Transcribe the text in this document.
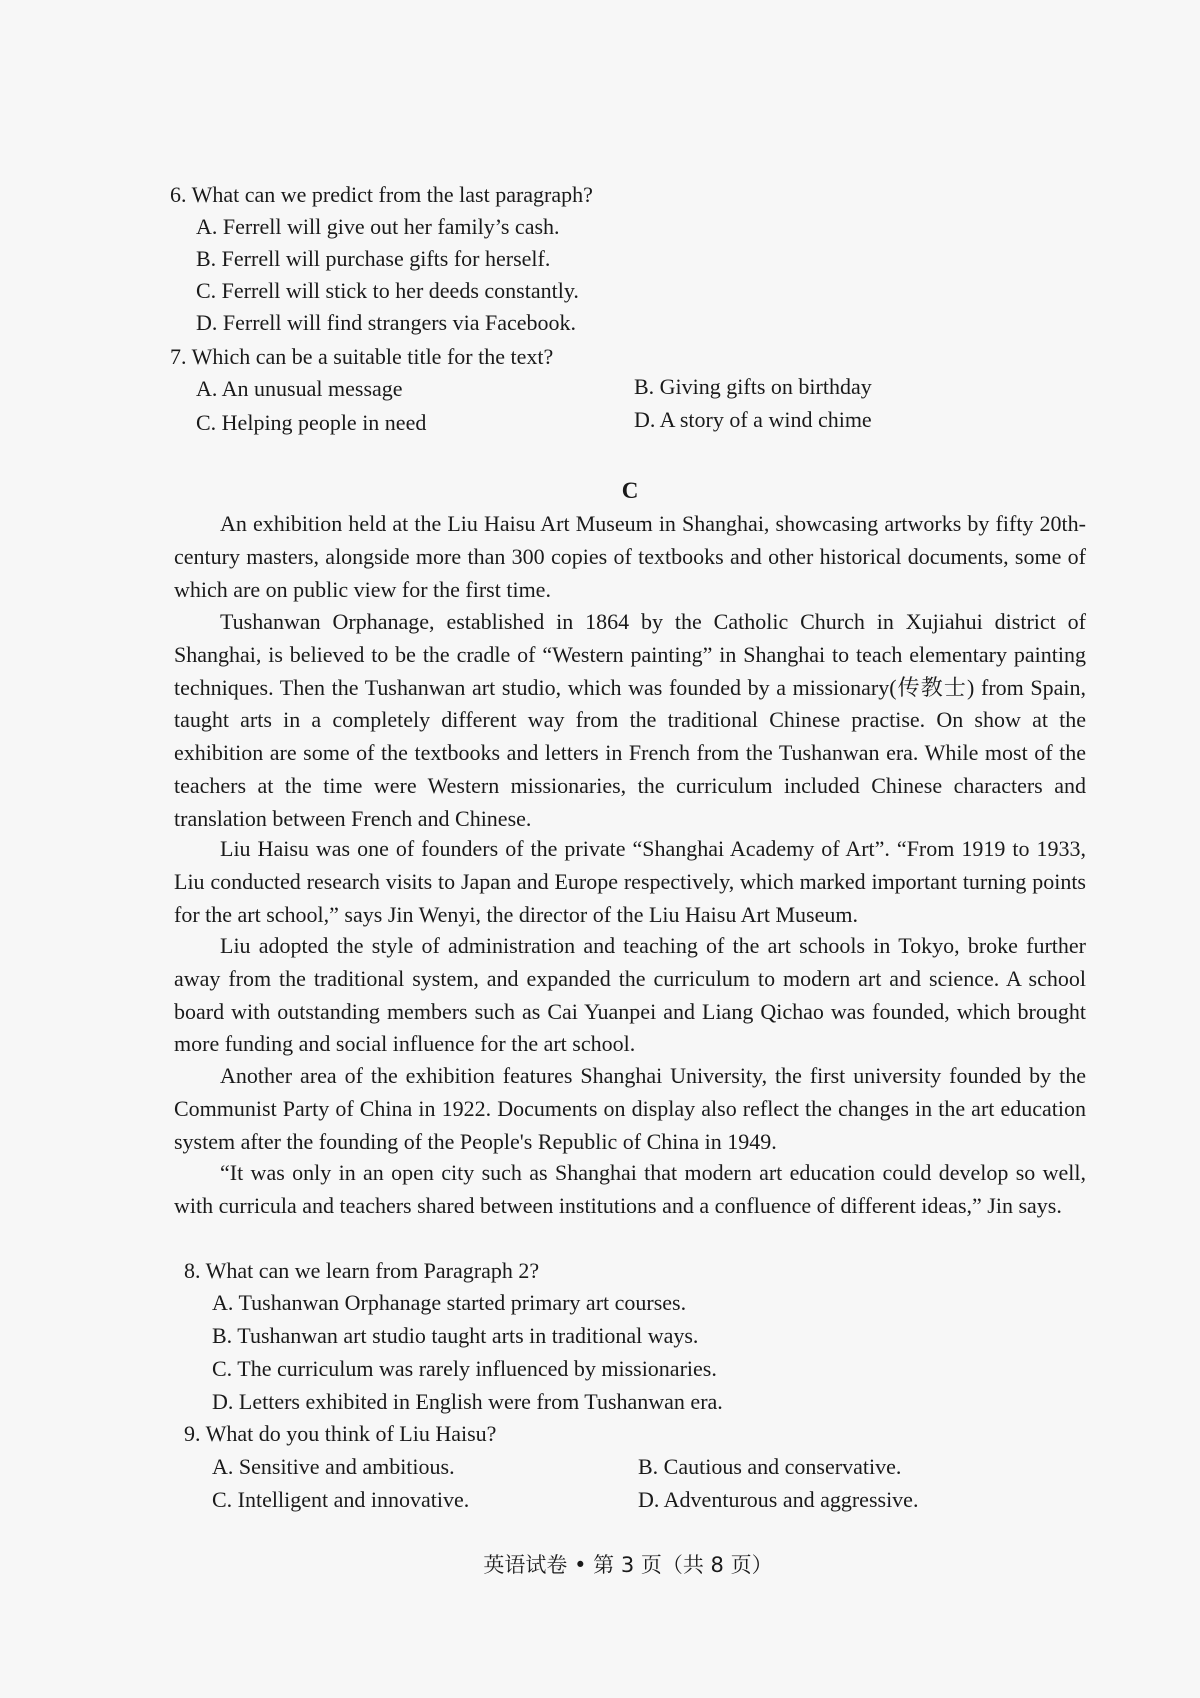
6. What can we predict from the last paragraph?
A. Ferrell will give out her family’s cash.
B. Ferrell will purchase gifts for herself.
C. Ferrell will stick to her deeds constantly.
D. Ferrell will find strangers via Facebook.
7. Which can be a suitable title for the text?
A. An unusual message	B. Giving gifts on birthday
C. Helping people in need	D. A story of a wind chime
C
An exhibition held at the Liu Haisu Art Museum in Shanghai, showcasing artworks by fifty 20th-century masters, alongside more than 300 copies of textbooks and other historical documents, some of which are on public view for the first time.
Tushanwan Orphanage, established in 1864 by the Catholic Church in Xujiahui district of Shanghai, is believed to be the cradle of “Western painting” in Shanghai to teach elementary painting techniques. Then the Tushanwan art studio, which was founded by a missionary(传教士) from Spain, taught arts in a completely different way from the traditional Chinese practise. On show at the exhibition are some of the textbooks and letters in French from the Tushanwan era. While most of the teachers at the time were Western missionaries, the curriculum included Chinese characters and translation between French and Chinese.
Liu Haisu was one of founders of the private “Shanghai Academy of Art”. “From 1919 to 1933, Liu conducted research visits to Japan and Europe respectively, which marked important turning points for the art school,” says Jin Wenyi, the director of the Liu Haisu Art Museum.
Liu adopted the style of administration and teaching of the art schools in Tokyo, broke further away from the traditional system, and expanded the curriculum to modern art and science. A school board with outstanding members such as Cai Yuanpei and Liang Qichao was founded, which brought more funding and social influence for the art school.
Another area of the exhibition features Shanghai University, the first university founded by the Communist Party of China in 1922. Documents on display also reflect the changes in the art education system after the founding of the People's Republic of China in 1949.
“It was only in an open city such as Shanghai that modern art education could develop so well, with curricula and teachers shared between institutions and a confluence of different ideas,” Jin says.
8. What can we learn from Paragraph 2?
A. Tushanwan Orphanage started primary art courses.
B. Tushanwan art studio taught arts in traditional ways.
C. The curriculum was rarely influenced by missionaries.
D. Letters exhibited in English were from Tushanwan era.
9. What do you think of Liu Haisu?
A. Sensitive and ambitious.	B. Cautious and conservative.
C. Intelligent and innovative.	D. Adventurous and aggressive.
英语试卷 • 第 3 页（共 8 页）
